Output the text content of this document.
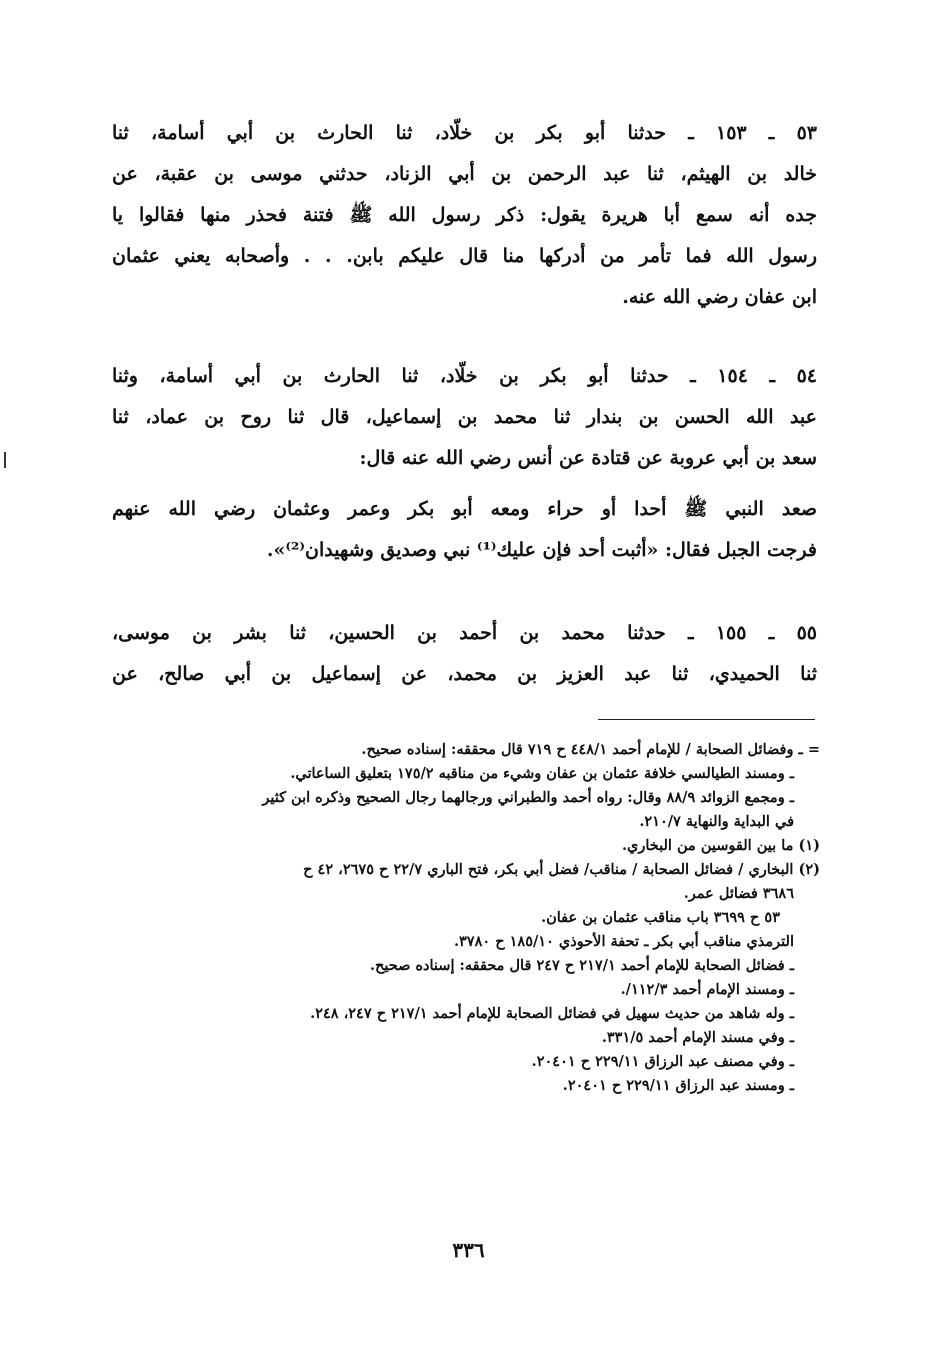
٥٣ ـ ١٥٣ ـ حدثنا أبو بكر بن خلّاد، ثنا الحارث بن أبي أسامة، ثنا
خالد بن الهيثم، ثنا عبد الرحمن بن أبي الزناد، حدثني موسى بن عقبة، عن
جده أنه سمع أبا هريرة يقول: ذكر رسول الله ﷺ فتنة فحذر منها فقالوا يا
رسول الله فما تأمر من أدركها منا قال عليكم بابن. . . وأصحابه يعني عثمان
ابن عفان رضي الله عنه.
٥٤ ـ ١٥٤ ـ حدثنا أبو بكر بن خلّاد، ثنا الحارث بن أبي أسامة، وثنا
عبد الله الحسن بن بندار ثنا محمد بن إسماعيل، قال ثنا روح بن عماد، ثنا
سعد بن أبي عروبة عن قتادة عن أنس رضي الله عنه قال:
صعد النبي ﷺ أحدا أو حراء ومعه أبو بكر وعمر وعثمان رضي الله عنهم
فرجت الجبل فقال: «أثبت أحد فإن عليك⁽¹⁾ نبي وصديق وشهيدان⁽²⁾».
٥٥ ـ ١٥٥ ـ حدثنا محمد بن أحمد بن الحسين، ثنا بشر بن موسى،
ثنا الحميدي، ثنا عبد العزيز بن محمد، عن إسماعيل بن أبي صالح، عن
= ـ وفضائل الصحابة / للإمام أحمد ٤٤٨/١ ح ٧١٩ قال محققه: إسناده صحيح.
ـ ومسند الطيالسي خلافة عثمان بن عفان وشيء من مناقبه ١٧٥/٢ بتعليق الساعاتي.
ـ ومجمع الزوائد ٨٨/٩ وقال: رواه أحمد والطبراني ورجالهما رجال الصحيح وذكره ابن كثير
في البداية والنهاية ٢١٠/٧.
(١) ما بين القوسين من البخاري.
(٢) البخاري / فضائل الصحابة / مناقب/ فضل أبي بكر، فتح الباري ٢٢/٧ ح ٢٦٧٥، ٤٢ ح
٣٦٨٦ فضائل عمر.
٥٣ ح ٣٦٩٩ باب مناقب عثمان بن عفان.
الترمذي مناقب أبي بكر ـ تحفة الأحوذي ١٨٥/١٠ ح ٣٧٨٠.
ـ فضائل الصحابة للإمام أحمد ٢١٧/١ ح ٢٤٧ قال محققه: إسناده صحيح.
ـ ومسند الإمام أحمد ١١٢/٣/.
ـ وله شاهد من حديث سهيل في فضائل الصحابة للإمام أحمد ٢١٧/١ ح ٢٤٧، ٢٤٨.
ـ وفي مسند الإمام أحمد ٣٣١/٥.
ـ وفي مصنف عبد الرزاق ٢٢٩/١١ ح ٢٠٤٠١.
ـ ومسند عبد الرزاق ٢٢٩/١١ ح ٢٠٤٠١.
٣٣٦
